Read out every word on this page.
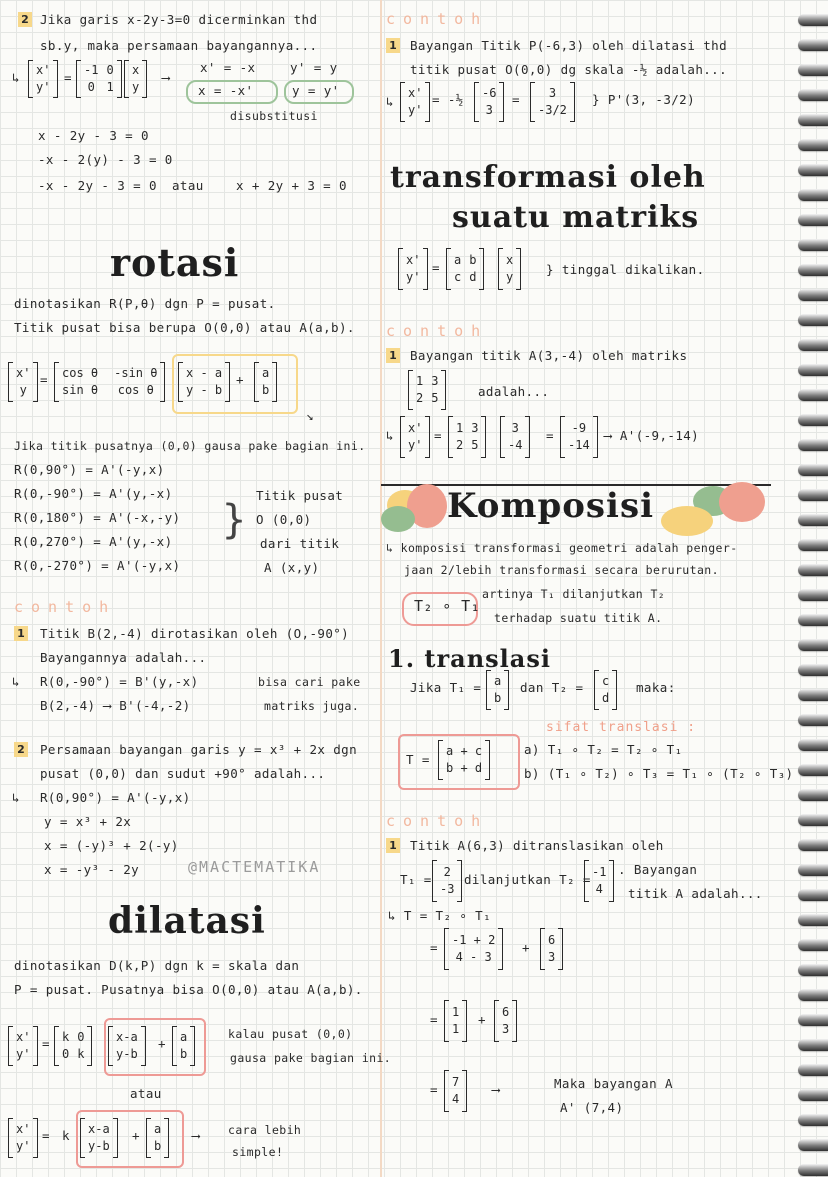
2 Jika garis x-2y-3=0 dicerminkan thd
sb.y, maka persamaan bayangannya...
↳ x'
y'
= -1 0
0 1
x
y
⟶
x' = -x	y' = y
x = -x'	y = y'
disubstitusi
x - 2y - 3 = 0
-x - 2(y) - 3 = 0
-x - 2y - 3 = 0 atau	x + 2y + 3 = 0
rotasi
dinotasikan R(P,θ) dgn P = pusat.
Titik pusat bisa berupa O(0,0) atau A(a,b).
x'
y
= cos θ -sin θ
sin θ	cos θ
x - a
y - b
+ a
b
↘
Jika titik pusatnya (0,0) gausa pake bagian ini.
R(0,90°) = A'(-y,x)
R(0,-90°) = A'(y,-x)
R(0,180°) = A'(-x,-y)
R(0,270°) = A'(y,-x)
R(0,-270°) = A'(-y,x)
}
Titik pusat
O (0,0)
dari titik
A (x,y)
contoh
1 Titik B(2,-4) dirotasikan oleh (O,-90°)
Bayangannya adalah...
↳ R(0,-90°) = B'(y,-x)	bisa cari pake
B(2,-4) ⟶ B'(-4,-2)	matriks juga.
2 Persamaan bayangan garis y = x³ + 2x dgn
pusat (0,0) dan sudut +90° adalah...
↳ R(0,90°) = A'(-y,x)
y = x³ + 2x
x = (-y)³ + 2(-y)
x = -y³ - 2y	@MACTEMATIKA
dilatasi
dinotasikan D(k,P) dgn k = skala dan
P = pusat. Pusatnya bisa O(0,0) atau A(a,b).
x'
y'
= k 0
0 k
x-a
y-b
+ a
b
kalau pusat (0,0)
gausa pake bagian ini.
atau
x'
y'
= k x-a
y-b
+ a
b
⟶ cara lebih
simple!
contoh
1 Bayangan Titik P(-6,3) oleh dilatasi thd
titik pusat O(0,0) dg skala -½ adalah...
↳
x'
y'
= -½ -6
3
=	3
-3/2
} P'(3, -3/2)
transformasi oleh
suatu matriks
x'
y'
= a b
c d
x
y	} tinggal dikalikan.
contoh
1 Bayangan titik A(3,-4) oleh matriks
1 3
2 5	adalah...
↳ x'
y'
= 1 3
2 5
3
-4
=	-9
-14
⟶ A'(-9,-14)
Komposisi
↳ komposisi transformasi geometri adalah penger-
jaan 2/lebih transformasi secara berurutan.
T₂ ∘ T₁
artinya T₁ dilanjutkan T₂
terhadap suatu titik A.
1. translasi
Jika T₁ = a
b
dan T₂ = c
d
maka:
sifat translasi :
T =
a + c
b + d
a) T₁ ∘ T₂ = T₂ ∘ T₁
b) (T₁ ∘ T₂) ∘ T₃ = T₁ ∘ (T₂ ∘ T₃)
contoh
1 Titik A(6,3) ditranslasikan oleh
T₁ = 2
-3
dilanjutkan T₂ = -1
4
. Bayangan
titik A adalah...
↳ T = T₂ ∘ T₁
= -1 + 2
4 - 3
+ 6
3
= 1
1
+ 6
3
= 7
4
⟶	Maka bayangan A
A' (7,4)
